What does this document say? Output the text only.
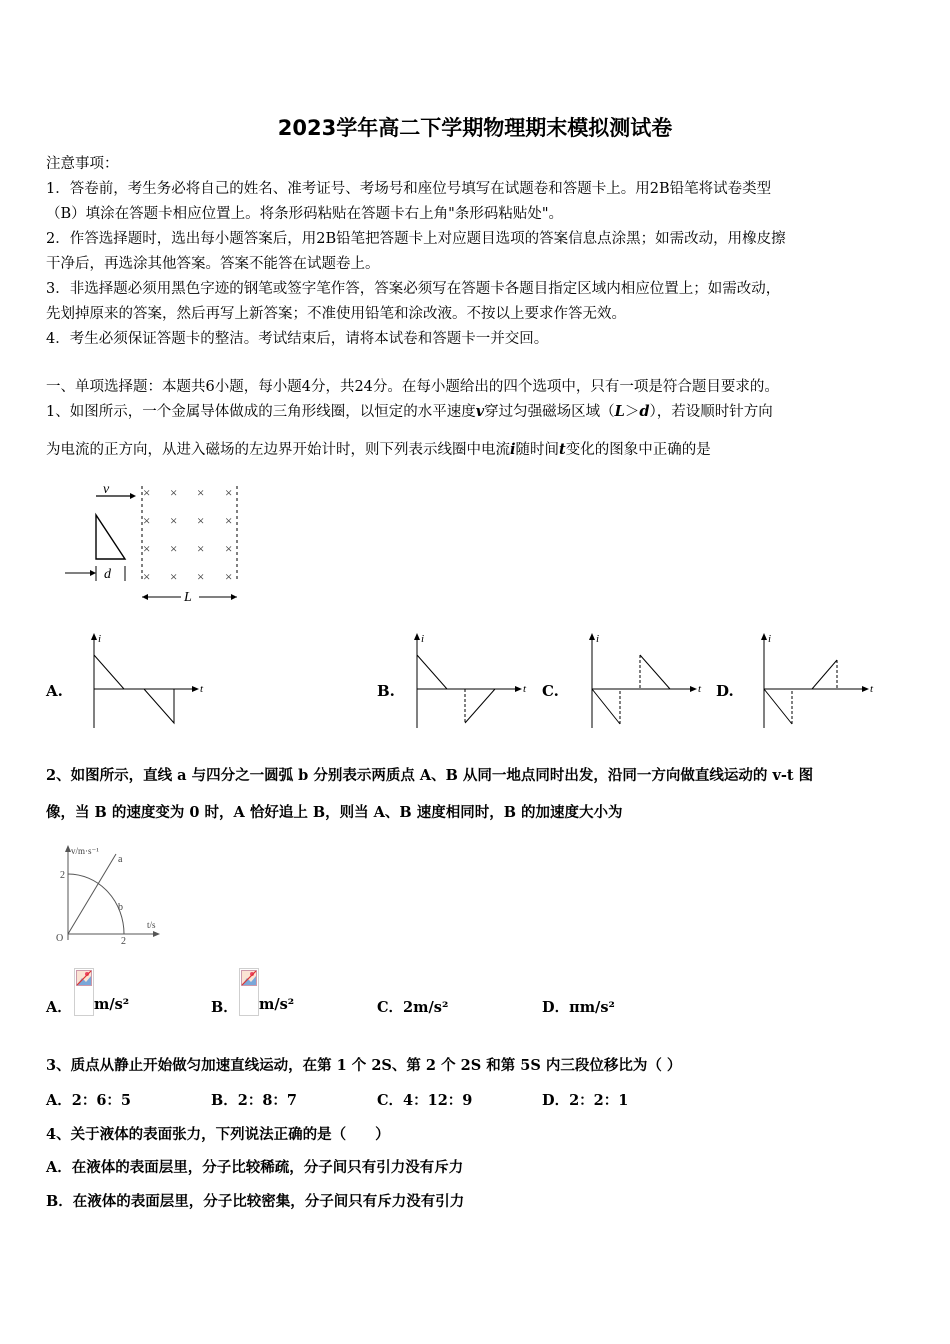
2023学年高二下学期物理期末模拟测试卷
注意事项：
1．答卷前，考生务必将自己的姓名、准考证号、考场号和座位号填写在试题卷和答题卡上。用2B铅笔将试卷类型
（B）填涂在答题卡相应位置上。将条形码粘贴在答题卡右上角"条形码粘贴处"。
2．作答选择题时，选出每小题答案后，用2B铅笔把答题卡上对应题目选项的答案信息点涂黑；如需改动，用橡皮擦
干净后，再选涂其他答案。答案不能答在试题卷上。
3．非选择题必须用黑色字迹的钢笔或签字笔作答，答案必须写在答题卡各题目指定区域内相应位置上；如需改动，
先划掉原来的答案，然后再写上新答案；不准使用铅笔和涂改液。不按以上要求作答无效。
4．考生必须保证答题卡的整洁。考试结束后，请将本试卷和答题卡一并交回。
一、单项选择题：本题共6小题，每小题4分，共24分。在每小题给出的四个选项中，只有一项是符合题目要求的。
1、如图所示，一个金属导体做成的三角形线圈，以恒定的水平速度v穿过匀强磁场区域（L＞d），若设顺时针方向
为电流的正方向，从进入磁场的左边界开始计时，则下列表示线圈中电流i随时间t变化的图象中正确的是
v	× × × ×
× × × ×
× × × ×
× × × ×
d
L
A.
i
t	B.
i
t C.
i
t D.
i
t
2、如图所示，直线 a 与四分之一圆弧 b 分别表示两质点 A、B 从同一地点同时出发，沿同一方向做直线运动的 v-t 图
像，当 B 的速度变为 0 时，A 恰好追上 B，则当 A、B 速度相同时，B 的加速度大小为
v/m·s⁻¹
t/s
O
2
2
a
b
A． m/s²	B． m/s²	C．2m/s²	D．πm/s²
3、质点从静止开始做匀加速直线运动，在第 1 个 2S、第 2 个 2S 和第 5S 内三段位移比为（ ）
A．2：6：5	B．2：8：7	C．4：12：9	D．2：2：1
4、关于液体的表面张力，下列说法正确的是（　　）
A．在液体的表面层里，分子比较稀疏，分子间只有引力没有斥力
B．在液体的表面层里，分子比较密集，分子间只有斥力没有引力
